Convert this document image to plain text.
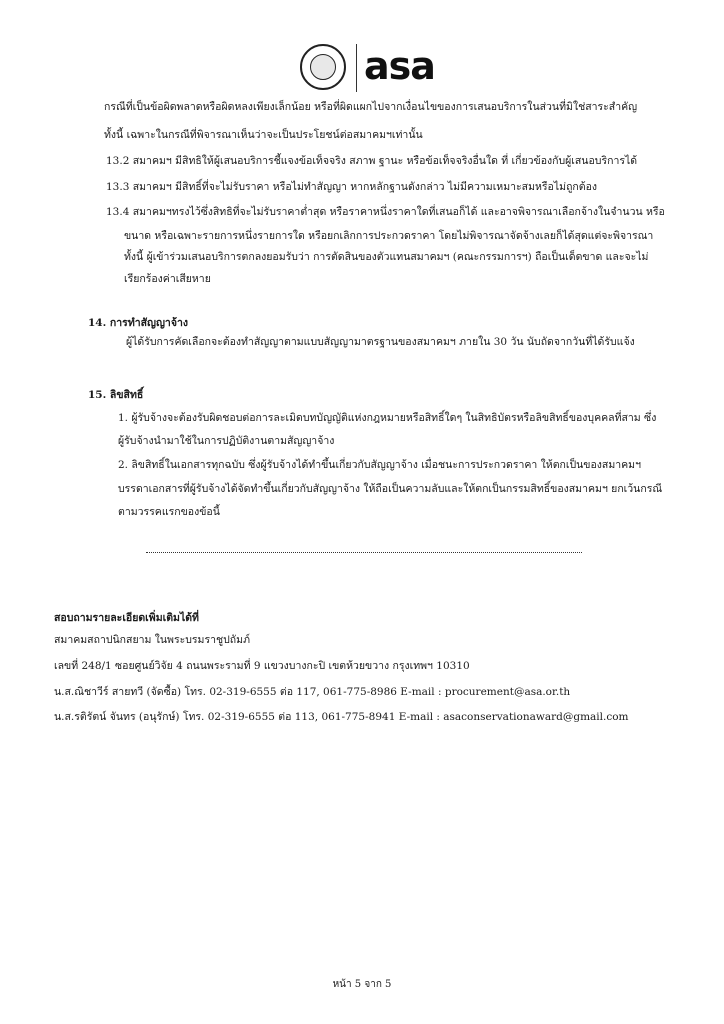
asa
กรณีที่เป็นข้อผิดพลาดหรือผิดหลงเพียงเล็กน้อย หรือที่ผิดแผกไปจากเงื่อนไขของการเสนอบริการในส่วนที่มิใช่สาระสำคัญ
ทั้งนี้ เฉพาะในกรณีที่พิจารณาเห็นว่าจะเป็นประโยชน์ต่อสมาคมฯเท่านั้น
13.2 สมาคมฯ มีสิทธิให้ผู้เสนอบริการชี้แจงข้อเท็จจริง สภาพ ฐานะ หรือข้อเท็จจริงอื่นใด ที่ เกี่ยวข้องกับผู้เสนอบริการได้
13.3 สมาคมฯ มีสิทธิ์ที่จะไม่รับราคา หรือไม่ทำสัญญา หากหลักฐานดังกล่าว ไม่มีความเหมาะสมหรือไม่ถูกต้อง
13.4 สมาคมฯทรงไว้ซึ่งสิทธิที่จะไม่รับราคาต่ำสุด หรือราคาหนึ่งราคาใดที่เสนอก็ได้ และอาจพิจารณาเลือกจ้างในจำนวน หรือ
ขนาด หรือเฉพาะรายการหนึ่งรายการใด หรือยกเลิกการประกวดราคา โดยไม่พิจารณาจัดจ้างเลยก็ได้สุดแต่จะพิจารณา
ทั้งนี้ ผู้เข้าร่วมเสนอบริการตกลงยอมรับว่า การตัดสินของตัวแทนสมาคมฯ (คณะกรรมการฯ) ถือเป็นเด็ดขาด และจะไม่
เรียกร้องค่าเสียหาย
14. การทำสัญญาจ้าง
ผู้ได้รับการคัดเลือกจะต้องทำสัญญาตามแบบสัญญามาตรฐานของสมาคมฯ ภายใน 30 วัน นับถัดจากวันที่ได้รับแจ้ง
15. ลิขสิทธิ์
1. ผู้รับจ้างจะต้องรับผิดชอบต่อการละเมิดบทบัญญัติแห่งกฎหมายหรือสิทธิ์ใดๆ ในสิทธิบัตรหรือลิขสิทธิ์ของบุคคลที่สาม ซึ่ง
ผู้รับจ้างนำมาใช้ในการปฏิบัติงานตามสัญญาจ้าง
2. ลิขสิทธิ์ในเอกสารทุกฉบับ ซึ่งผู้รับจ้างได้ทำขึ้นเกี่ยวกับสัญญาจ้าง เมื่อชนะการประกวดราคา ให้ตกเป็นของสมาคมฯ
บรรดาเอกสารที่ผู้รับจ้างได้จัดทำขึ้นเกี่ยวกับสัญญาจ้าง ให้ถือเป็นความลับและให้ตกเป็นกรรมสิทธิ์ของสมาคมฯ ยกเว้นกรณี
ตามวรรคแรกของข้อนี้
สอบถามรายละเอียดเพิ่มเติมได้ที่
สมาคมสถาปนิกสยาม ในพระบรมราชูปถัมภ์
เลขที่ 248/1 ซอยศูนย์วิจัย 4 ถนนพระรามที่ 9 แขวงบางกะปิ เขตห้วยขวาง กรุงเทพฯ 10310
น.ส.ณิชาวีร์ สายทวี (จัดซื้อ) โทร. 02-319-6555 ต่อ 117, 061-775-8986 E-mail : procurement@asa.or.th
น.ส.รติรัตน์ จันทร (อนุรักษ์) โทร. 02-319-6555 ต่อ 113, 061-775-8941 E-mail : asaconservationaward@gmail.com
หน้า 5 จาก 5
